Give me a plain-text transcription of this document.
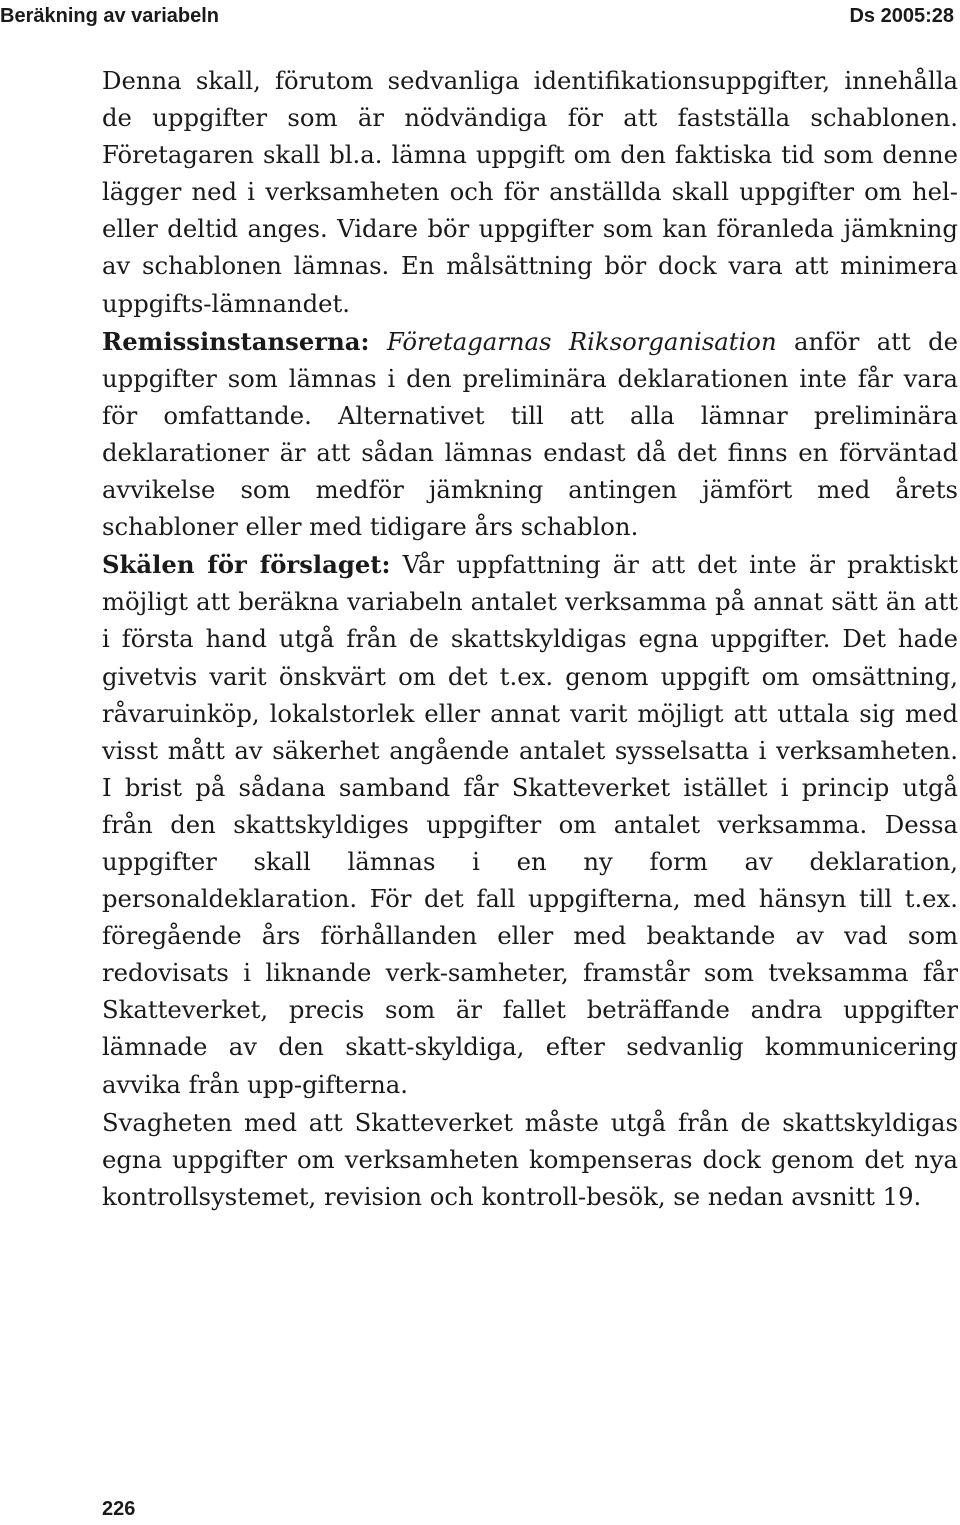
Beräkning av variabeln	Ds 2005:28

Denna skall, förutom sedvanliga identifikationsuppgifter, innehålla de uppgifter som är nödvändiga för att fastställa schablonen. Företagaren skall bl.a. lämna uppgift om den faktiska tid som denne lägger ned i verksamheten och för anställda skall uppgifter om hel- eller deltid anges. Vidare bör uppgifter som kan föranleda jämkning av schablonen lämnas. En målsättning bör dock vara att minimera uppgifts-lämnandet.

Remissinstanserna: Företagarnas Riksorganisation anför att de uppgifter som lämnas i den preliminära deklarationen inte får vara för omfattande. Alternativet till att alla lämnar preliminära deklarationer är att sådan lämnas endast då det finns en förväntad avvikelse som medför jämkning antingen jämfört med årets schabloner eller med tidigare års schablon.

Skälen för förslaget: Vår uppfattning är att det inte är praktiskt möjligt att beräkna variabeln antalet verksamma på annat sätt än att i första hand utgå från de skattskyldigas egna uppgifter. Det hade givetvis varit önskvärt om det t.ex. genom uppgift om omsättning, råvaruinköp, lokalstorlek eller annat varit möjligt att uttala sig med visst mått av säkerhet angående antalet sysselsatta i verksamheten. I brist på sådana samband får Skatteverket istället i princip utgå från den skattskyldiges uppgifter om antalet verksamma. Dessa uppgifter skall lämnas i en ny form av deklaration, personaldeklaration. För det fall uppgifterna, med hänsyn till t.ex. föregående års förhållanden eller med beaktande av vad som redovisats i liknande verk-samheter, framstår som tveksamma får Skatteverket, precis som är fallet beträffande andra uppgifter lämnade av den skatt-skyldiga, efter sedvanlig kommunicering avvika från upp-gifterna.

Svagheten med att Skatteverket måste utgå från de skattskyldigas egna uppgifter om verksamheten kompenseras dock genom det nya kontrollsystemet, revision och kontroll-besök, se nedan avsnitt 19.

226
